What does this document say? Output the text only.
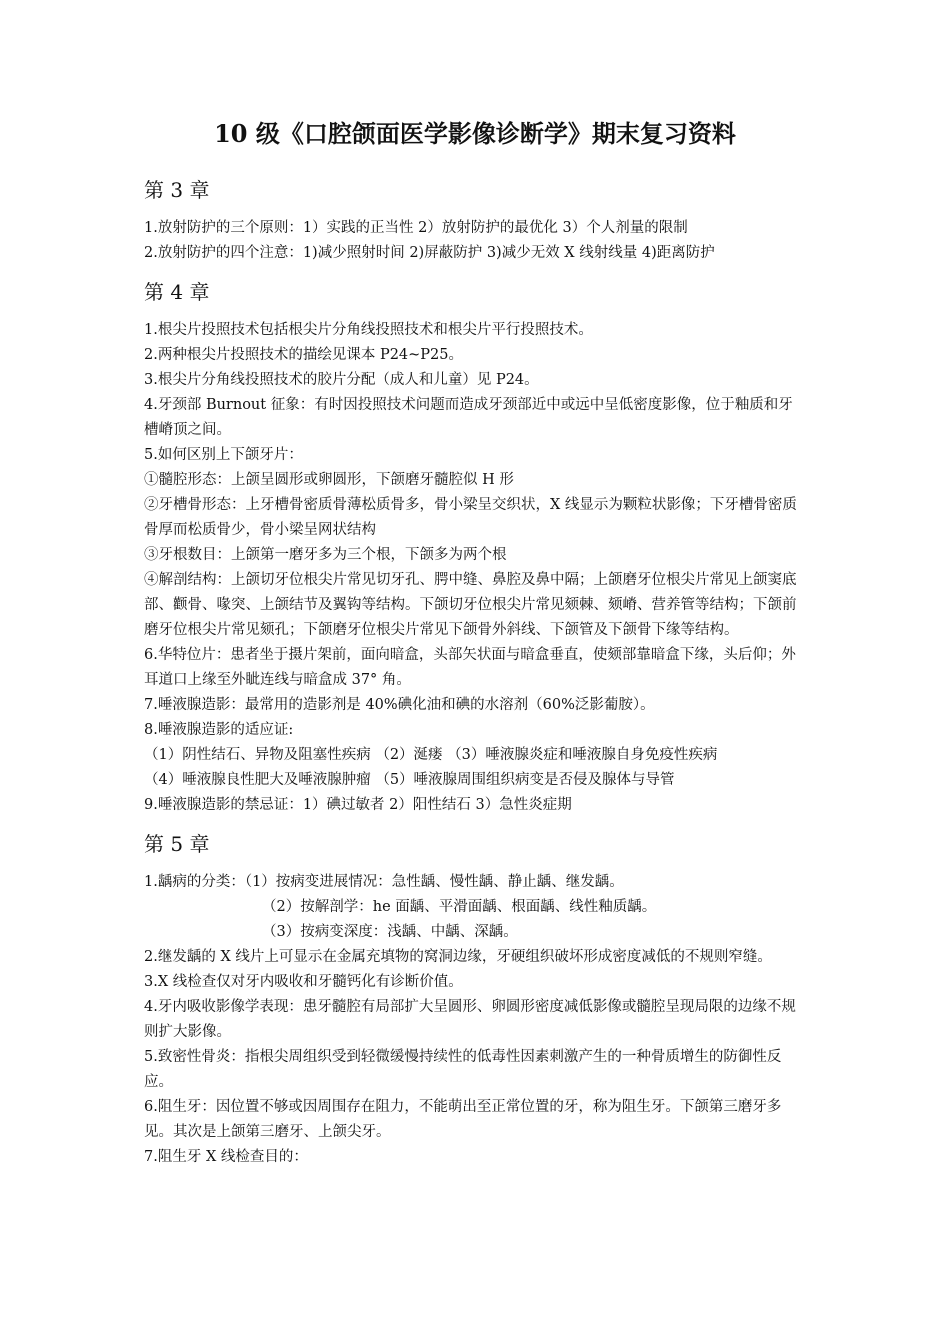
10 级《口腔颌面医学影像诊断学》期末复习资料
第 3 章

1.放射防护的三个原则：1）实践的正当性 2）放射防护的最优化 3）个人剂量的限制

2.放射防护的四个注意：1)减少照射时间 2)屏蔽防护 3)减少无效 X 线射线量 4)距离防护

第 4 章

1.根尖片投照技术包括根尖片分角线投照技术和根尖片平行投照技术。

2.两种根尖片投照技术的描绘见课本 P24~P25。

3.根尖片分角线投照技术的胶片分配（成人和儿童）见 P24。

4.牙颈部 Burnout 征象：有时因投照技术问题而造成牙颈部近中或远中呈低密度影像，位于釉质和牙槽嵴顶之间。

5.如何区别上下颌牙片：

①髓腔形态：上颌呈圆形或卵圆形，下颌磨牙髓腔似 H 形

②牙槽骨形态：上牙槽骨密质骨薄松质骨多，骨小梁呈交织状，X 线显示为颗粒状影像；下牙槽骨密质骨厚而松质骨少，骨小梁呈网状结构

③牙根数目：上颌第一磨牙多为三个根，下颌多为两个根

④解剖结构：上颌切牙位根尖片常见切牙孔、腭中缝、鼻腔及鼻中隔；上颌磨牙位根尖片常见上颌窦底部、颧骨、喙突、上颌结节及翼钩等结构。下颌切牙位根尖片常见颏棘、颏嵴、营养管等结构；下颌前磨牙位根尖片常见颏孔；下颌磨牙位根尖片常见下颌骨外斜线、下颌管及下颌骨下缘等结构。

6.华特位片：患者坐于摄片架前，面向暗盒，头部矢状面与暗盒垂直，使颏部靠暗盒下缘，头后仰；外耳道口上缘至外眦连线与暗盒成 37° 角。

7.唾液腺造影：最常用的造影剂是 40%碘化油和碘的水溶剂（60%泛影葡胺）。

8.唾液腺造影的适应证:

（1）阴性结石、异物及阻塞性疾病 （2）涎瘘 （3）唾液腺炎症和唾液腺自身免疫性疾病

（4）唾液腺良性肥大及唾液腺肿瘤 （5）唾液腺周围组织病变是否侵及腺体与导管

9.唾液腺造影的禁忌证：1）碘过敏者 2）阳性结石 3）急性炎症期

第 5 章

1.龋病的分类：（1）按病变进展情况：急性龋、慢性龋、静止龋、继发龋。

（2）按解剖学：he 面龋、平滑面龋、根面龋、线性釉质龋。

（3）按病变深度：浅龋、中龋、深龋。

2.继发龋的 X 线片上可显示在金属充填物的窝洞边缘，牙硬组织破坏形成密度减低的不规则窄缝。

3.X 线检查仅对牙内吸收和牙髓钙化有诊断价值。

4.牙内吸收影像学表现：患牙髓腔有局部扩大呈圆形、卵圆形密度减低影像或髓腔呈现局限的边缘不规则扩大影像。

5.致密性骨炎：指根尖周组织受到轻微缓慢持续性的低毒性因素刺激产生的一种骨质增生的防御性反应。

6.阻生牙：因位置不够或因周围存在阻力，不能萌出至正常位置的牙，称为阻生牙。下颌第三磨牙多见。其次是上颌第三磨牙、上颌尖牙。

7.阻生牙 X 线检查目的：
